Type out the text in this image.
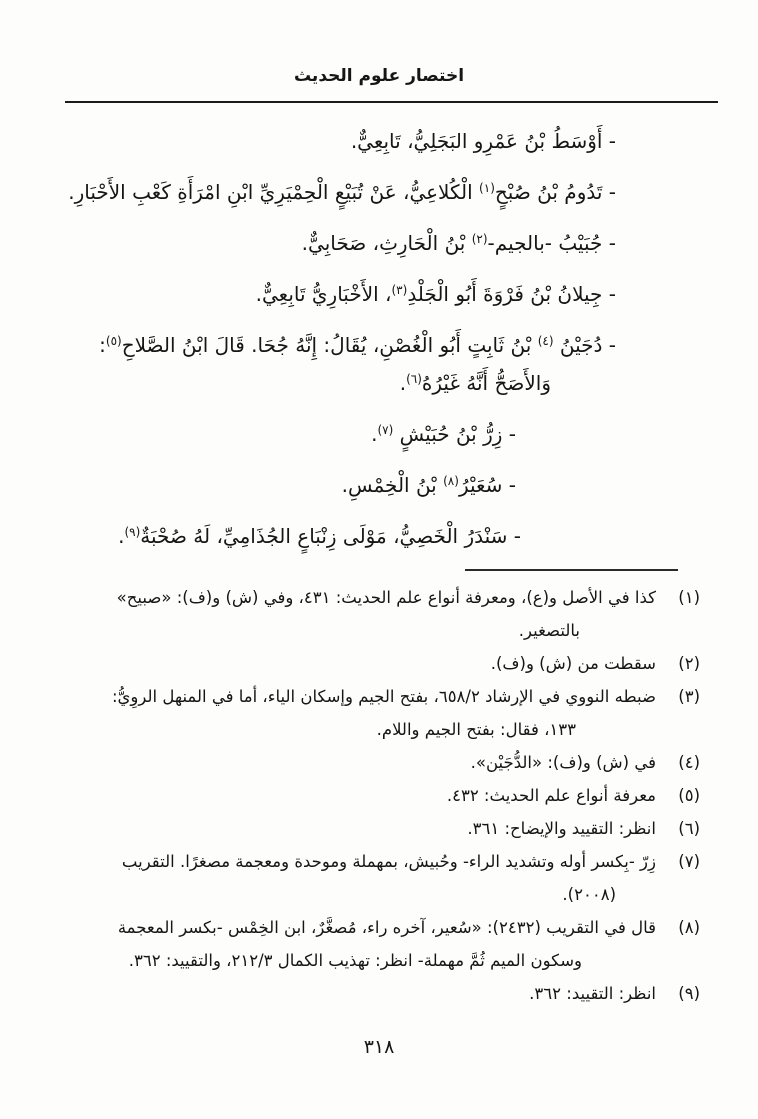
اختصار علوم الحديث
- أَوْسَطُ بْنُ عَمْرِو البَجَلِيُّ، تَابِعِيٌّ.
- تَدُومُ بْنُ صُبْحٍ$^{(١)}$ الْكُلاعِيُّ، عَنْ تُبَيْعٍ الْحِمْيَرِيِّ ابْنِ امْرَأَةِ كَعْبِ الأَحْبَارِ.
- جُبَيْبُ -بالجيم-$^{(٢)}$ بْنُ الْحَارِثِ، صَحَابِيٌّ.
- جِيلانُ بْنُ فَرْوَةَ أَبُو الْجَلْدِ$^{(٣)}$، الأَخْبَارِيُّ تَابِعِيٌّ.
- دُجَيْنُ $^{(٤)}$ بْنُ ثَابِتٍ أَبُو الْغُصْنِ، يُقَالُ: إِنَّهُ جُحَا. قَالَ ابْنُ الصَّلاحِ$^{(٥)}$:
وَالأَصَحُّ أَنَّهُ غَيْرُهُ$^{(٦)}$.
- زِرُّ بْنُ حُبَيْشٍ $^{(٧)}$.
- سُعَيْرُ$^{(٨)}$ بْنُ الْخِمْسِ.
- سَنْدَرُ الْخَصِيُّ، مَوْلَى زِنْبَاعٍ الجُذَامِيِّ، لَهُ صُحْبَةٌ$^{(٩)}$.
(١)
كذا في الأصل و(ع)، ومعرفة أنواع علم الحديث: ٤٣١، وفي (ش) و(ف): «صبيح»
بالتصغير.
(٢)
سقطت من (ش) و(ف).
(٣)
ضبطه النووي في الإرشاد ٦٥٨/٢، بفتح الجيم وإسكان الياء، أما في المنهل الروِيُّ:
١٣٣، فقال: بفتح الجيم واللام.
(٤)
في (ش) و(ف): «الدُّجَيْن».
(٥)
معرفة أنواع علم الحديث: ٤٣٢.
(٦)
انظر: التقييد والإيضاح: ٣٦١.
(٧)
زِرّ -بِكسر أوله وتشديد الراء- وحُبيش، بمهملة وموحدة ومعجمة مصغرًا. التقريب
(٢٠٠٨).
(٨)
قال في التقريب (٢٤٣٢): «سُعير، آخره راء، مُصغَّرٌ، ابن الخِمْس -بكسر المعجمة
وسكون الميم ثُمَّ مهملة- انظر: تهذيب الكمال ٢١٢/٣، والتقييد: ٣٦٢.
(٩)
انظر: التقييد: ٣٦٢.
٣١٨
